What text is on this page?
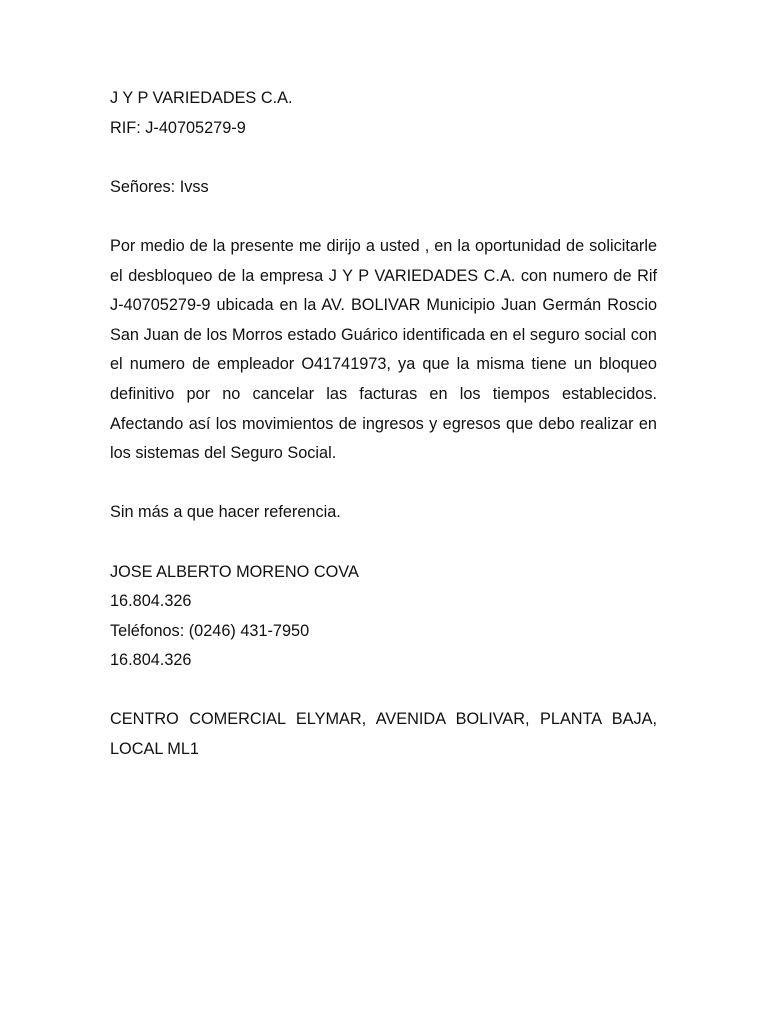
J Y P VARIEDADES C.A.
RIF: J-40705279-9
Señores: Ivss
Por medio de la presente me dirijo a usted , en la oportunidad de solicitarle el desbloqueo de la empresa J Y P VARIEDADES C.A. con numero de Rif J-40705279-9 ubicada en la AV. BOLIVAR Municipio Juan Germán Roscio San Juan de los Morros estado Guárico identificada en el seguro social con el numero de empleador O41741973, ya que la misma tiene un bloqueo definitivo por no cancelar las facturas en los tiempos establecidos. Afectando así los movimientos de ingresos y egresos que debo realizar en los sistemas del Seguro Social.
Sin más a que hacer referencia.
JOSE ALBERTO MORENO COVA
16.804.326
Teléfonos: (0246) 431-7950
16.804.326
CENTRO COMERCIAL ELYMAR, AVENIDA BOLIVAR, PLANTA BAJA, LOCAL ML1
